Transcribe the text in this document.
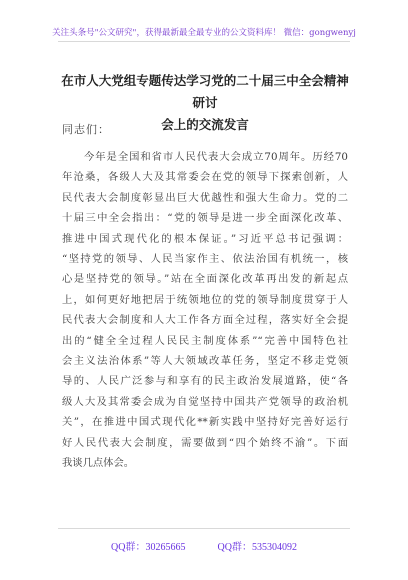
关注头条号"公文研究"，获得最新最全最专业的公文资料库！ 微信：gongwenyj
在市人大党组专题传达学习党的二十届三中全会精神研讨
会上的交流发言
同志们：
今年是全国和省市人民代表大会成立70周年。历经70
年沧桑，各级人大及其常委会在党的领导下探索创新，人
民代表大会制度彰显出巨大优越性和强大生命力。党的二
十届三中全会指出：“党的领导是进一步全面深化改革、
推进中国式现代化的根本保证。”习近平总书记强调：
“坚持党的领导、人民当家作主、依法治国有机统一，核
心是坚持党的领导。”站在全面深化改革再出发的新起点
上，如何更好地把居于统领地位的党的领导制度贯穿于人
民代表大会制度和人大工作各方面全过程，落实好全会提
出的“健全全过程人民民主制度体系”“完善中国特色社
会主义法治体系”等人大领域改革任务，坚定不移走党领
导的、人民广泛参与和享有的民主政治发展道路，使“各
级人大及其常委会成为自觉坚持中国共产党领导的政治机
关”，在推进中国式现代化**新实践中坚持好完善好运行
好人民代表大会制度，需要做到“四个始终不渝”。下面
我谈几点体会。
QQ群：30265665	QQ群：535304092
